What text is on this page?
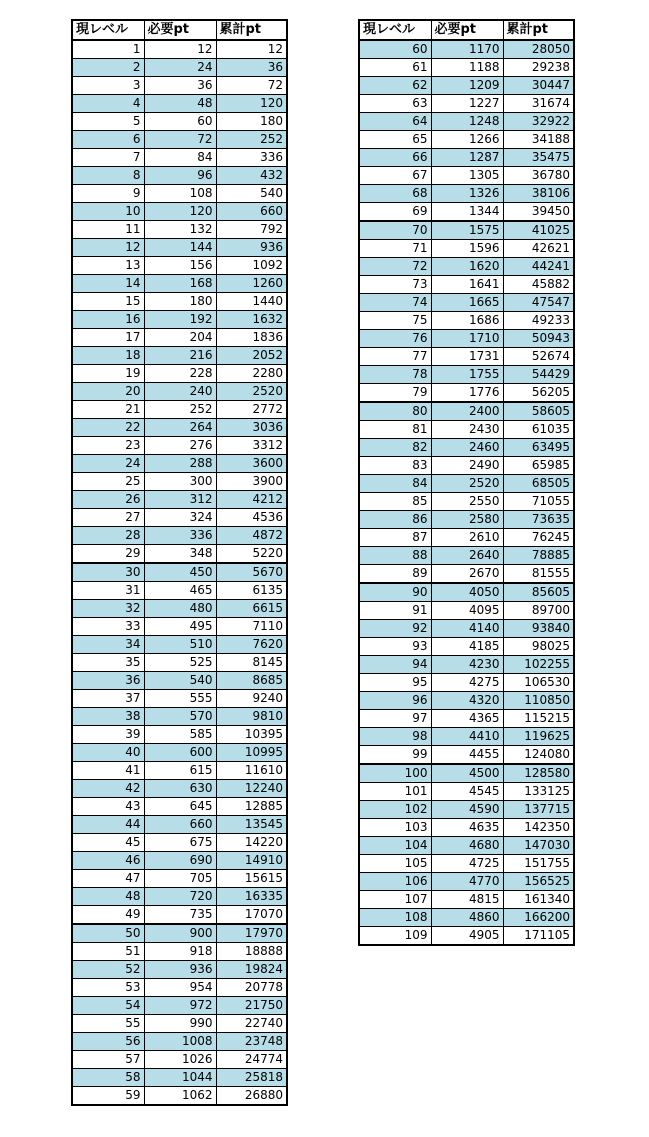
現レベル	必要pt	累計pt
1	12	12
2	24	36
3	36	72
4	48	120
5	60	180
6	72	252
7	84	336
8	96	432
9	108	540
10	120	660
11	132	792
12	144	936
13	156	1092
14	168	1260
15	180	1440
16	192	1632
17	204	1836
18	216	2052
19	228	2280
20	240	2520
21	252	2772
22	264	3036
23	276	3312
24	288	3600
25	300	3900
26	312	4212
27	324	4536
28	336	4872
29	348	5220
30	450	5670
31	465	6135
32	480	6615
33	495	7110
34	510	7620
35	525	8145
36	540	8685
37	555	9240
38	570	9810
39	585	10395
40	600	10995
41	615	11610
42	630	12240
43	645	12885
44	660	13545
45	675	14220
46	690	14910
47	705	15615
48	720	16335
49	735	17070
50	900	17970
51	918	18888
52	936	19824
53	954	20778
54	972	21750
55	990	22740
56	1008	23748
57	1026	24774
58	1044	25818
59	1062	26880
現レベル	必要pt	累計pt
60	1170	28050
61	1188	29238
62	1209	30447
63	1227	31674
64	1248	32922
65	1266	34188
66	1287	35475
67	1305	36780
68	1326	38106
69	1344	39450
70	1575	41025
71	1596	42621
72	1620	44241
73	1641	45882
74	1665	47547
75	1686	49233
76	1710	50943
77	1731	52674
78	1755	54429
79	1776	56205
80	2400	58605
81	2430	61035
82	2460	63495
83	2490	65985
84	2520	68505
85	2550	71055
86	2580	73635
87	2610	76245
88	2640	78885
89	2670	81555
90	4050	85605
91	4095	89700
92	4140	93840
93	4185	98025
94	4230	102255
95	4275	106530
96	4320	110850
97	4365	115215
98	4410	119625
99	4455	124080
100	4500	128580
101	4545	133125
102	4590	137715
103	4635	142350
104	4680	147030
105	4725	151755
106	4770	156525
107	4815	161340
108	4860	166200
109	4905	171105
